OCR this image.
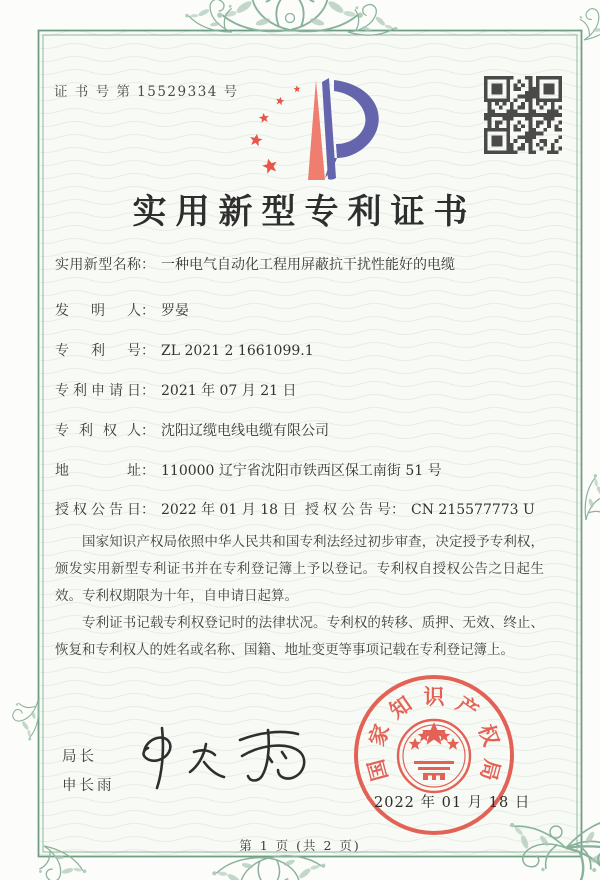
证 书 号 第 15529334 号
实用新型专利证书
实用新型名称： 一种电气自动化工程用屏蔽抗干扰性能好的电缆
发明人： 罗晏
专利号： ZL 2021 2 1661099.1
专利申请日： 2021 年 07 月 21 日
专利权人： 沈阳辽缆电线电缆有限公司
地址： 110000 辽宁省沈阳市铁西区保工南街 51 号
授权公告日： 2022 年 01 月 18 日 授权公告号： CN 215577773 U

国家知识产权局依照中华人民共和国专利法经过初步审查，决定授予专利权，颁发实用新型专利证书并在专利登记簿上予以登记。专利权自授权公告之日起生效。专利权期限为十年，自申请日起算。

专利证书记载专利权登记时的法律状况。专利权的转移、质押、无效、终止、恢复和专利权人的姓名或名称、国籍、地址变更等事项记载在专利登记簿上。

局长
申长雨
国
家
知 识 产
权
局
2022 年 01 月 18 日
第 1 页 (共 2 页)
